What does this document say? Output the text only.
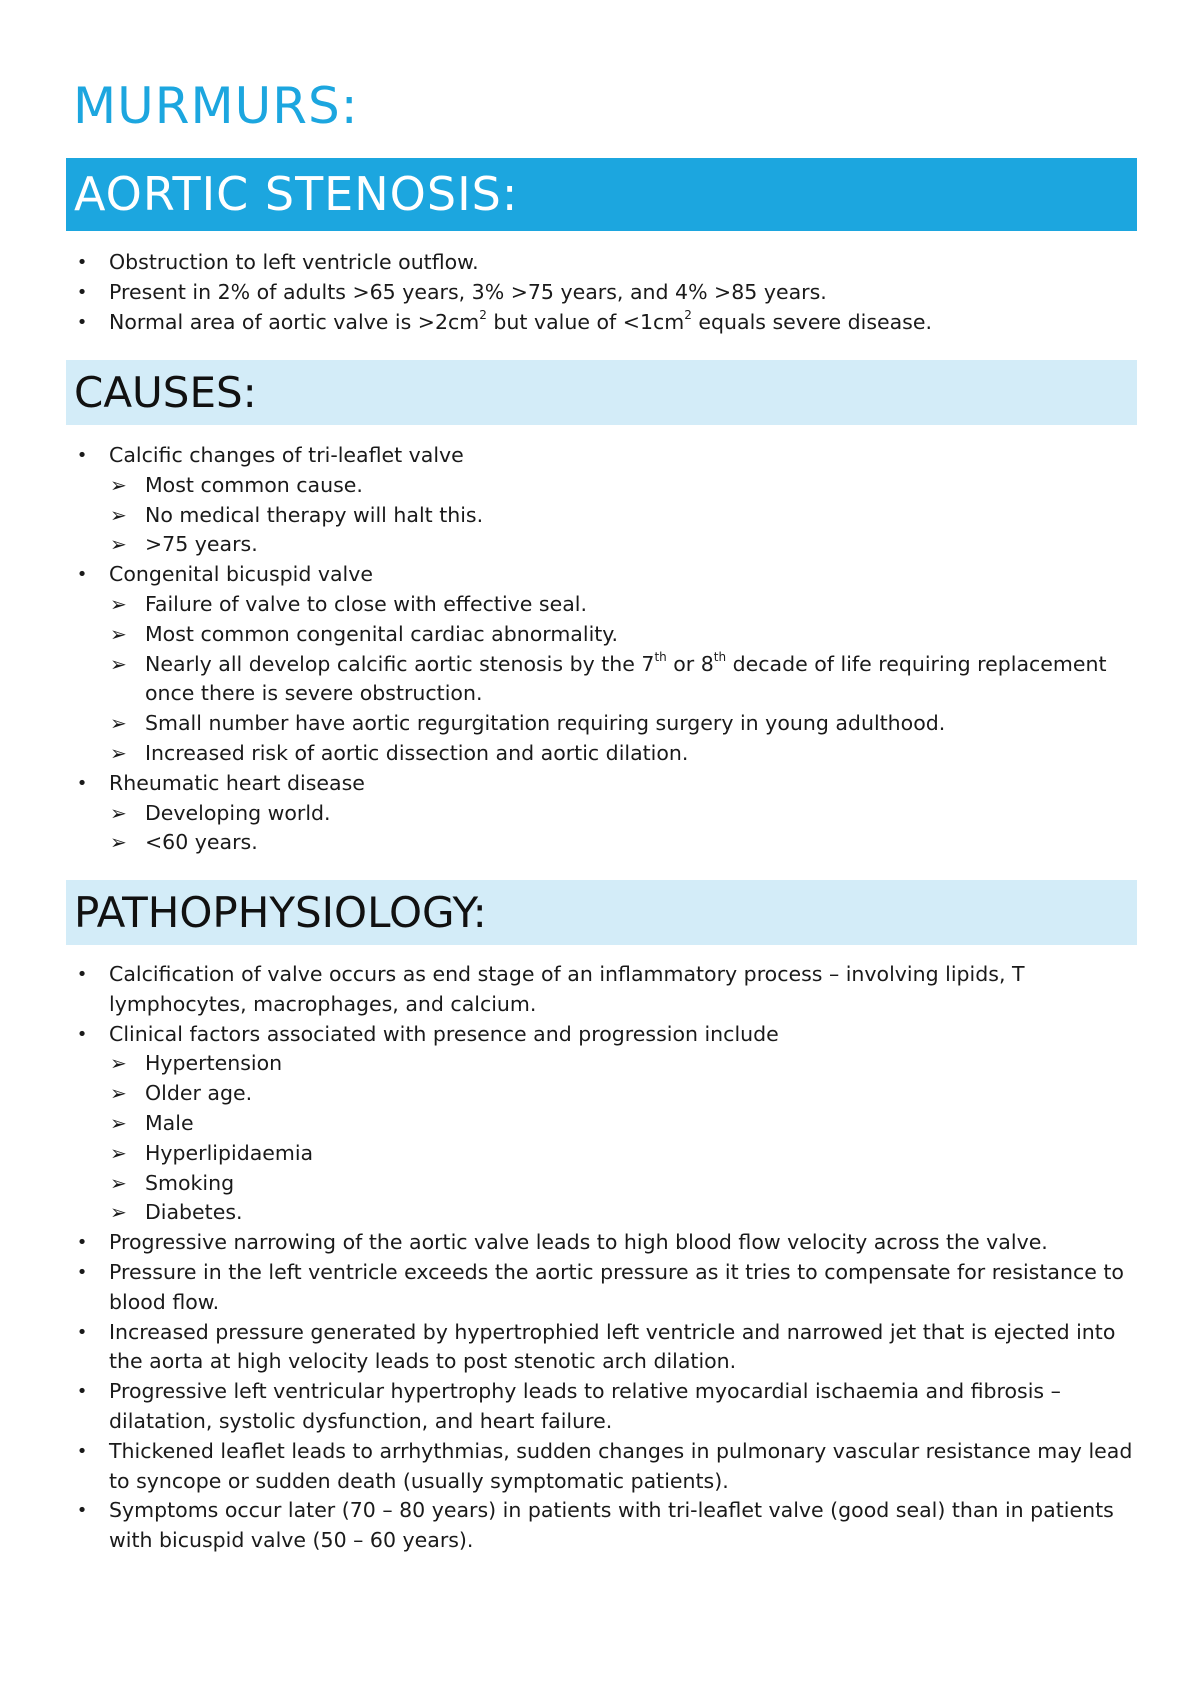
MURMURS:
AORTIC STENOSIS:
• Obstruction to left ventricle outflow.
• Present in 2% of adults >65 years, 3% >75 years, and 4% >85 years.
• Normal area of aortic valve is $>2cm^2$ but value of $<1cm^2$ equals severe disease.
CAUSES:
• Calcific changes of tri-leaflet valve
➢ Most common cause.
➢ No medical therapy will halt this.
➢ >75 years.
• Congenital bicuspid valve
➢ Failure of valve to close with effective seal.
➢ Most common congenital cardiac abnormality.
➢ Nearly all develop calcific aortic stenosis by the 7th or 8th decade of life requiring replacement once there is severe obstruction.
➢ Small number have aortic regurgitation requiring surgery in young adulthood.
➢ Increased risk of aortic dissection and aortic dilation.
• Rheumatic heart disease
➢ Developing world.
➢ <60 years.
PATHOPHYSIOLOGY:
• Calcification of valve occurs as end stage of an inflammatory process – involving lipids, T lymphocytes, macrophages, and calcium.
• Clinical factors associated with presence and progression include
➢ Hypertension
➢ Older age.
➢ Male
➢ Hyperlipidaemia
➢ Smoking
➢ Diabetes.
• Progressive narrowing of the aortic valve leads to high blood flow velocity across the valve.
• Pressure in the left ventricle exceeds the aortic pressure as it tries to compensate for resistance to blood flow.
• Increased pressure generated by hypertrophied left ventricle and narrowed jet that is ejected into the aorta at high velocity leads to post stenotic arch dilation.
• Progressive left ventricular hypertrophy leads to relative myocardial ischaemia and fibrosis – dilatation, systolic dysfunction, and heart failure.
• Thickened leaflet leads to arrhythmias, sudden changes in pulmonary vascular resistance may lead to syncope or sudden death (usually symptomatic patients).
• Symptoms occur later (70 – 80 years) in patients with tri-leaflet valve (good seal) than in patients with bicuspid valve (50 – 60 years).
